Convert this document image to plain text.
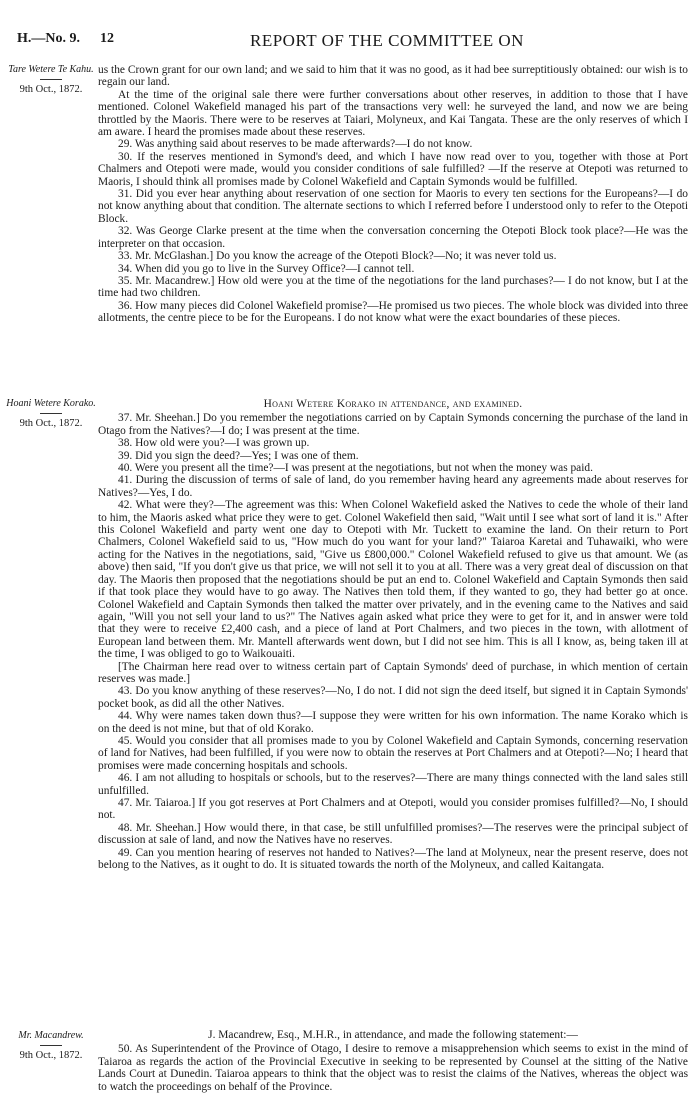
H.—No. 9. 12	REPORT OF THE COMMITTEE ON
Tare Wetere Te Kahu.
9th Oct., 1872.
Hoani Wetere Korako.
9th Oct., 1872.
Mr. Macandrew.
9th Oct., 1872.

us the Crown grant for our own land; and we said to him that it was no good, as it had bee surreptitiously obtained: our wish is to regain our land.

At the time of the original sale there were further conversations about other reserves, in addition to those that I have mentioned. Colonel Wakefield managed his part of the transactions very well: he surveyed the land, and now we are being throttled by the Maoris. There were to be reserves at Taiari, Molyneux, and Kai Tangata. These are the only reserves of which I am aware. I heard the promises made about these reserves.

29. Was anything said about reserves to be made afterwards?—I do not know.

30. If the reserves mentioned in Symond's deed, and which I have now read over to you, together with those at Port Chalmers and Otepoti were made, would you consider conditions of sale fulfilled? —If the reserve at Otepoti was returned to Maoris, I should think all promises made by Colonel Wakefield and Captain Symonds would be fulfilled.

31. Did you ever hear anything about reservation of one section for Maoris to every ten sections for the Europeans?—I do not know anything about that condition. The alternate sections to which I referred before I understood only to refer to the Otepoti Block.

32. Was George Clarke present at the time when the conversation concerning the Otepoti Block took place?—He was the interpreter on that occasion.

33. Mr. McGlashan.] Do you know the acreage of the Otepoti Block?—No; it was never told us.

34. When did you go to live in the Survey Office?—I cannot tell.

35. Mr. Macandrew.] How old were you at the time of the negotiations for the land purchases?— I do not know, but I at the time had two children.

36. How many pieces did Colonel Wakefield promise?—He promised us two pieces. The whole block was divided into three allotments, the centre piece to be for the Europeans. I do not know what were the exact boundaries of these pieces.

Hoani Wetere Korako in attendance, and examined.

37. Mr. Sheehan.] Do you remember the negotiations carried on by Captain Symonds concerning the purchase of the land in Otago from the Natives?—I do; I was present at the time.

38. How old were you?—I was grown up.

39. Did you sign the deed?—Yes; I was one of them.

40. Were you present all the time?—I was present at the negotiations, but not when the money was paid.

41. During the discussion of terms of sale of land, do you remember having heard any agreements made about reserves for Natives?—Yes, I do.

42. What were they?—The agreement was this: When Colonel Wakefield asked the Natives to cede the whole of their land to him, the Maoris asked what price they were to get. Colonel Wakefield then said, "Wait until I see what sort of land it is." After this Colonel Wakefield and party went one day to Otepoti with Mr. Tuckett to examine the land. On their return to Port Chalmers, Colonel Wakefield said to us, "How much do you want for your land?" Taiaroa Karetai and Tuhawaiki, who were acting for the Natives in the negotiations, said, "Give us £800,000." Colonel Wakefield refused to give us that amount. We (as above) then said, "If you don't give us that price, we will not sell it to you at all. There was a very great deal of discussion on that day. The Maoris then proposed that the negotiations should be put an end to. Colonel Wakefield and Captain Symonds then said if that took place they would have to go away. The Natives then told them, if they wanted to go, they had better go at once. Colonel Wakefield and Captain Symonds then talked the matter over privately, and in the evening came to the Natives and said again, "Will you not sell your land to us?" The Natives again asked what price they were to get for it, and in answer were told that they were to receive £2,400 cash, and a piece of land at Port Chalmers, and two pieces in the town, with allotment of European land between them. Mr. Mantell afterwards went down, but I did not see him. This is all I know, as, being taken ill at the time, I was obliged to go to Waikouaiti.

[The Chairman here read over to witness certain part of Captain Symonds' deed of purchase, in which mention of certain reserves was made.]

43. Do you know anything of these reserves?—No, I do not. I did not sign the deed itself, but signed it in Captain Symonds' pocket book, as did all the other Natives.

44. Why were names taken down thus?—I suppose they were written for his own information. The name Korako which is on the deed is not mine, but that of old Korako.

45. Would you consider that all promises made to you by Colonel Wakefield and Captain Symonds, concerning reservation of land for Natives, had been fulfilled, if you were now to obtain the reserves at Port Chalmers and at Otepoti?—No; I heard that promises were made concerning hospitals and schools.

46. I am not alluding to hospitals or schools, but to the reserves?—There are many things connected with the land sales still unfulfilled.

47. Mr. Taiaroa.] If you got reserves at Port Chalmers and at Otepoti, would you consider promises fulfilled?—No, I should not.

48. Mr. Sheehan.] How would there, in that case, be still unfulfilled promises?—The reserves were the principal subject of discussion at sale of land, and now the Natives have no reserves.

49. Can you mention hearing of reserves not handed to Natives?—The land at Molyneux, near the present reserve, does not belong to the Natives, as it ought to do. It is situated towards the north of the Molyneux, and called Kaitangata.

J. Macandrew, Esq., M.H.R., in attendance, and made the following statement:—

50. As Superintendent of the Province of Otago, I desire to remove a misapprehension which seems to exist in the mind of Taiaroa as regards the action of the Provincial Executive in seeking to be represented by Counsel at the sitting of the Native Lands Court at Dunedin. Taiaroa appears to think that the object was to resist the claims of the Natives, whereas the object was to watch the proceedings on behalf of the Province.
